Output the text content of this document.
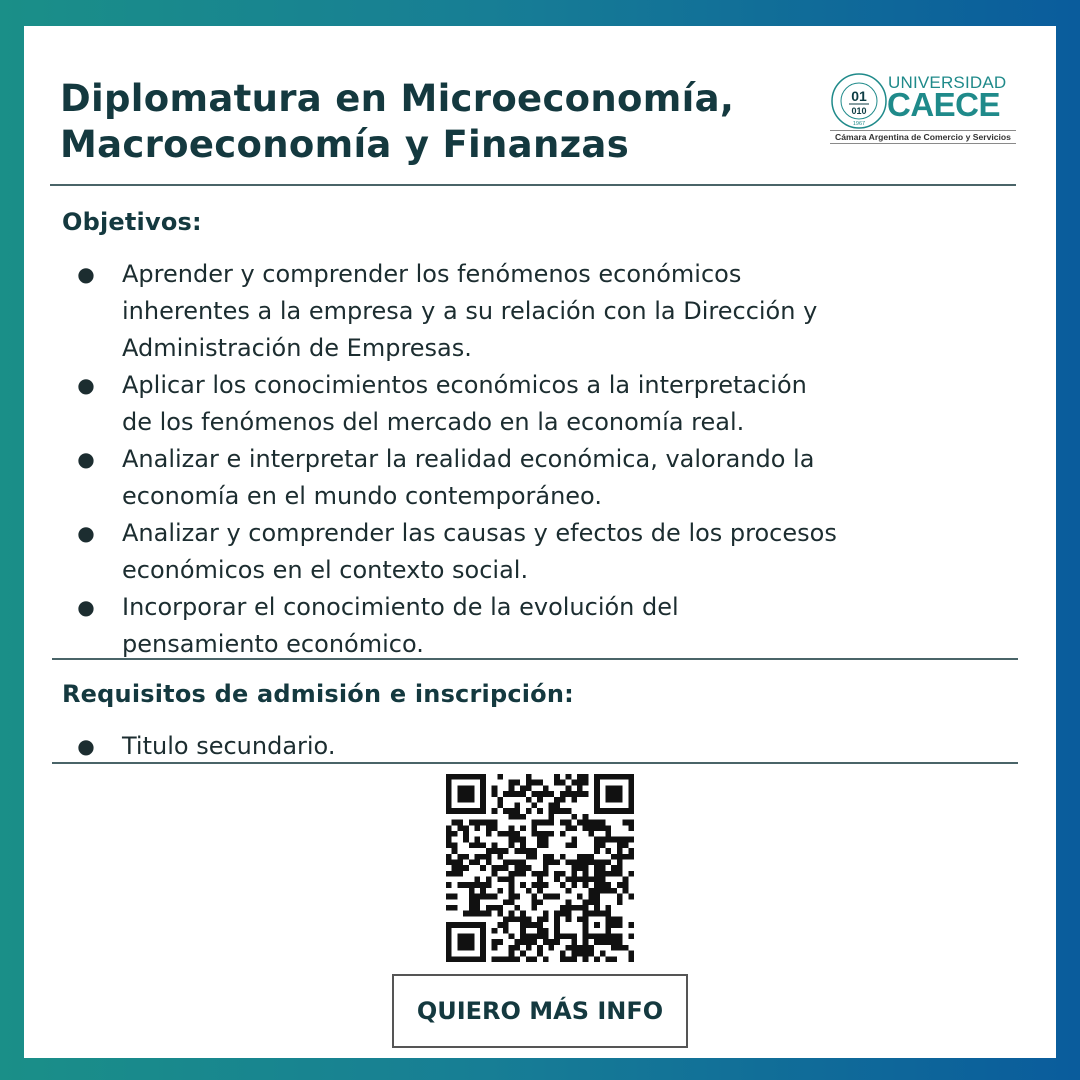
Diplomatura en Microeconomía,
Macroeconomía y Finanzas
01
010
1967
UNIVERSIDAD
CAECE
Cámara Argentina de Comercio y Servicios
Objetivos:
● Aprender y comprender los fenómenos económicos
inherentes a la empresa y a su relación con la Dirección y
Administración de Empresas.
● Aplicar los conocimientos económicos a la interpretación
de los fenómenos del mercado en la economía real.
● Analizar e interpretar la realidad económica, valorando la
economía en el mundo contemporáneo.
● Analizar y comprender las causas y efectos de los procesos
económicos en el contexto social.
● Incorporar el conocimiento de la evolución del
pensamiento económico.
Requisitos de admisión e inscripción:
● Titulo secundario.
QUIERO MÁS INFO
